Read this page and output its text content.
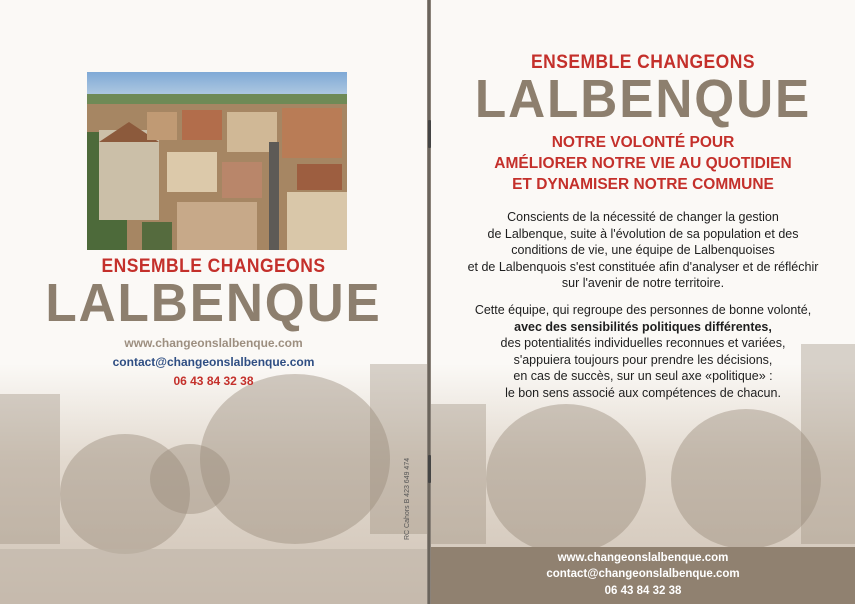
ENSEMBLE CHANGEONS
LALBENQUE
www.changeonslalbenque.com
contact@changeonslalbenque.com
06 43 84 32 38
RC Cahors B 423 649 474
ENSEMBLE CHANGEONS
LALBENQUE
NOTRE VOLONTÉ POUR
AMÉLIORER NOTRE VIE AU QUOTIDIEN
ET DYNAMISER NOTRE COMMUNE
Conscients de la nécessité de changer la gestion
de Lalbenque, suite à l'évolution de sa population et des
conditions de vie, une équipe de Lalbenquoises
et de Lalbenquois s'est constituée afin d'analyser et de réfléchir
sur l'avenir de notre territoire.
Cette équipe, qui regroupe des personnes de bonne volonté,
avec des sensibilités politiques différentes,
des potentialités individuelles reconnues et variées,
s'appuiera toujours pour prendre les décisions,
en cas de succès, sur un seul axe «politique» :
le bon sens associé aux compétences de chacun.
www.changeonslalbenque.com
contact@changeonslalbenque.com
06 43 84 32 38
